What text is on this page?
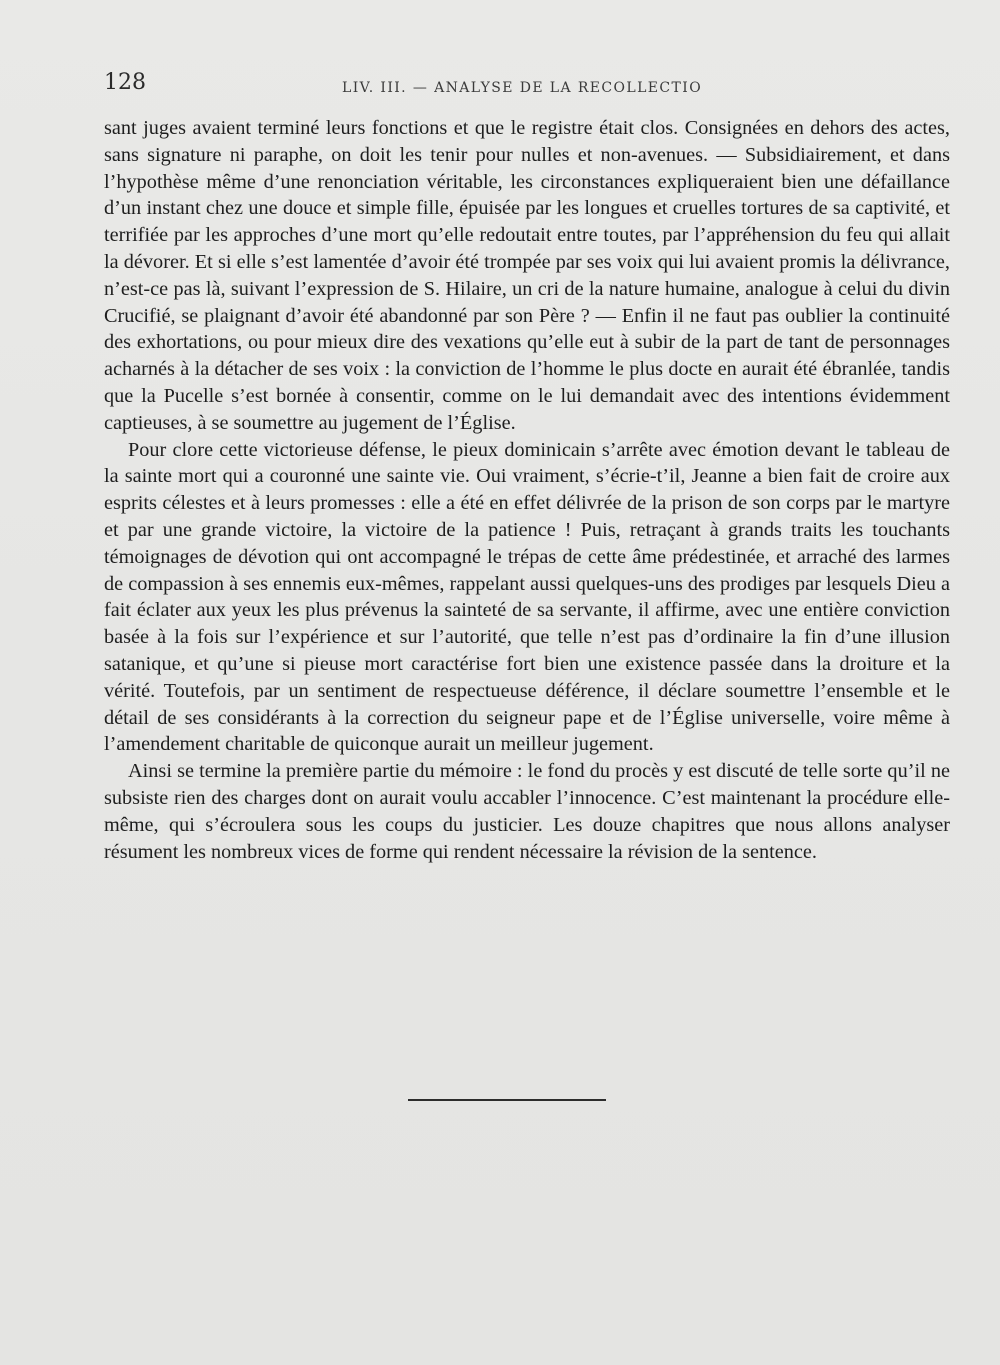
128	LIV. III. — ANALYSE DE LA RECOLLECTIO

sant juges avaient terminé leurs fonctions et que le registre était clos. Consignées en dehors des actes, sans signature ni paraphe, on doit les tenir pour nulles et non-avenues. — Subsidiairement, et dans l’hypothèse même d’une renonciation véritable, les circonstances expliqueraient bien une défaillance d’un instant chez une douce et simple fille, épuisée par les longues et cruelles tortures de sa captivité, et terrifiée par les approches d’une mort qu’elle redoutait entre toutes, par l’appréhension du feu qui allait la dévorer. Et si elle s’est lamentée d’avoir été trompée par ses voix qui lui avaient promis la délivrance, n’est-ce pas là, suivant l’expression de S. Hilaire, un cri de la nature humaine, analogue à celui du divin Crucifié, se plaignant d’avoir été abandonné par son Père ? — Enfin il ne faut pas oublier la continuité des exhortations, ou pour mieux dire des vexations qu’elle eut à subir de la part de tant de personnages acharnés à la détacher de ses voix : la conviction de l’homme le plus docte en aurait été ébranlée, tandis que la Pucelle s’est bornée à consentir, comme on le lui demandait avec des intentions évidemment captieuses, à se soumettre au jugement de l’Église.

Pour clore cette victorieuse défense, le pieux dominicain s’arrête avec émotion devant le tableau de la sainte mort qui a couronné une sainte vie. Oui vraiment, s’écrie-t’il, Jeanne a bien fait de croire aux esprits célestes et à leurs promesses : elle a été en effet délivrée de la prison de son corps par le martyre et par une grande victoire, la victoire de la patience ! Puis, retraçant à grands traits les touchants témoignages de dévotion qui ont accompagné le trépas de cette âme prédestinée, et arraché des larmes de compassion à ses ennemis eux-mêmes, rappelant aussi quelques-uns des prodiges par lesquels Dieu a fait éclater aux yeux les plus prévenus la sainteté de sa servante, il affirme, avec une entière conviction basée à la fois sur l’expérience et sur l’autorité, que telle n’est pas d’ordinaire la fin d’une illusion satanique, et qu’une si pieuse mort caractérise fort bien une existence passée dans la droiture et la vérité. Toutefois, par un sentiment de respectueuse déférence, il déclare soumettre l’ensemble et le détail de ses considérants à la correction du seigneur pape et de l’Église universelle, voire même à l’amendement charitable de quiconque aurait un meilleur jugement.

Ainsi se termine la première partie du mémoire : le fond du procès y est discuté de telle sorte qu’il ne subsiste rien des charges dont on aurait voulu accabler l’innocence. C’est maintenant la procédure elle-même, qui s’écroulera sous les coups du justicier. Les douze chapitres que nous allons analyser résument les nombreux vices de forme qui rendent nécessaire la révision de la sentence.
